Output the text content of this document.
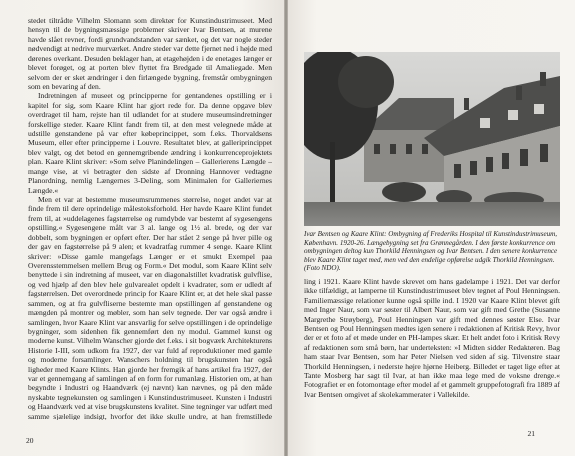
stedet tiltrådte Vilhelm Slomann som direktør for Kunstindustrimuseet. Med hensyn til de bygningsmæssige problemer skriver Ivar Bentsen, at murene havde slået revner, fordi grundvandstanden var sænket, og det var nogle steder nødvendigt at nedrive murværket. Andre steder var dette fjernet ned i højde med dørenes overkant. Desuden beklager han, at etagehøjden i de enetages længer er blevet forøget, og at porten blev flyttet fra Bredgade til Amaliegade. Men selvom der er sket ændringer i den firlængede bygning, fremstår ombygningen som en bevaring af den.

Indretningen af museet og principperne for gentandenes opstilling er i kapitel for sig, som Kaare Klint har gjort rede for. Da denne opgave blev overdraget til ham, rejste han til udlandet for at studere museumsindretninger forskellige steder. Kaare Klint fandt frem til, at den mest velegnede måde at udstille genstandene på var efter købeprincippet, som f.eks. Thorvaldsens Museum, eller efter principperne i Louvre. Resultatet blev, at galleriprincippet blev valgt, og det betod en gennemgribende ændring i konkurrenceprojektets plan. Kaare Klint skriver: »Som selve Planindelingen – Gallerierens Længde – mange vise, at vi betragter den sidste af Dronning Hannover vedtagne Planordning, nemlig Længernes 3-Deling, som Minimalen for Galleriernes Længde.«

Men et var at bestemme museumsrummenes størrelse, noget andet var at finde frem til dere oprindelige målestoksforhold. Her havde Kaare Klint fundet frem til, at »uddelagenes fagstørrelse og rumdybde var bestemt af sygesengens opstilling.« Sygesengene målt var 3 al. lange og 1½ al. brede, og der var dobbelt, som bygningen er opført efter. Der har stået 2 senge på hver pille og der gav en fagstørrelse på 9 alen; et kvadratfag rummer 4 senge. Kaare Klint skriver: »Disse gamle mangefags Længer er et smukt Exempel paa Overensstemmelsen mellem Brug og Form.« Det modul, som Kaare Klint selv benyttede i sin indretning af museet, var en diagonalstillet kvadratisk gulvflise, og ved hjælp af den blev hele gulvarealet opdelt i kvadrater, som er udledt af fagstørrelsen. Det overordnede princip for Kaare Klint er, at det hele skal passe sammen, og at fra gulvfliserne bestemte man opstillingen af genstandene og mængden på montrer og møbler, som han selv tegnede. Der var også ændre i samlingen, hvor Kaare Klint var ansvarlig for selve opstillingen i de oprindelige bygninger, som sidenhen fik gennemført den ny modul. Gammel kunst og moderne kunst. Vilhelm Wanscher gjorde det f.eks. i sit bogværk Architekturens Historie I-III, som udkom fra 1927, der var fuld af reproduktioner med gamle og moderne forsamlinger. Wanschers holdning til brugskunsten har også ligheder med Kaare Klints. Han gjorde her fremgik af hans artikel fra 1927, der var et gennemgang af samlingen af en form for rumanlæg. Historien om, at han begyndte i Industri og Haandværk (ej nævnt) kan nævnes, og på den måde nyskabte tegnekunsten og samlingen i Kunstindustrimuseet. Kunsten i Industri og Haandværk ved at vise brugskunstens kvalitet. Sine tegninger var udført med samme sjælelige indsigt, hvorfor det ikke skulle undre, at han fremstillede

20
Ivar Bentsen og Kaare Klint: Ombygning af Frederiks Hospital til Kunstindustrimuseum, København. 1920-26. Længebygning set fra Grønnegården. I den første konkurrence om ombygningen deltog kun Thorkild Henningsen og Ivar Bentsen. I den senere konkurrence blev Kaare Klint taget med, men ved den endelige opførelse udgik Thorkild Henningsen. (Foto NDO).

ling i 1921. Kaare Klint havde skrevet om hans gadelampe i 1921. Det var derfor ikke tilfældigt, at lamperne til Kunstindustrimuseet blev tegnet af Poul Henningsen. Familiemæssige relationer kunne også spille ind. I 1920 var Kaare Klint blevet gift med Inger Naur, som var søster til Albert Naur, som var gift med Grethe (Susanne Margrethe Strøyberg), Poul Henningsen var gift med dennes søster Else. Ivar Bentsen og Poul Henningsen mødtes igen senere i redaktionen af Kritisk Revy, hvor der er et foto af et møde under en PH-lampes skær. Et helt andet foto i Kritisk Revy af redaktionen som små børn, har underteksten: »I Midten sidder Redaktøren. Bag ham staar Ivar Bentsen, som har Peter Nielsen ved siden af sig. Tilvenstre staar Thorkild Henningsen, i nederste højre hjørne Heiberg. Billedet er taget lige efter at Tante Mosberg har sagt til Ivar, at han ikke maa lege med de voksne drenge.« Fotografiet er en fotomontage efter model af et gammelt gruppefotografi fra 1889 af Ivar Bentsen omgivet af skolekammerater i Vallekilde.

21
